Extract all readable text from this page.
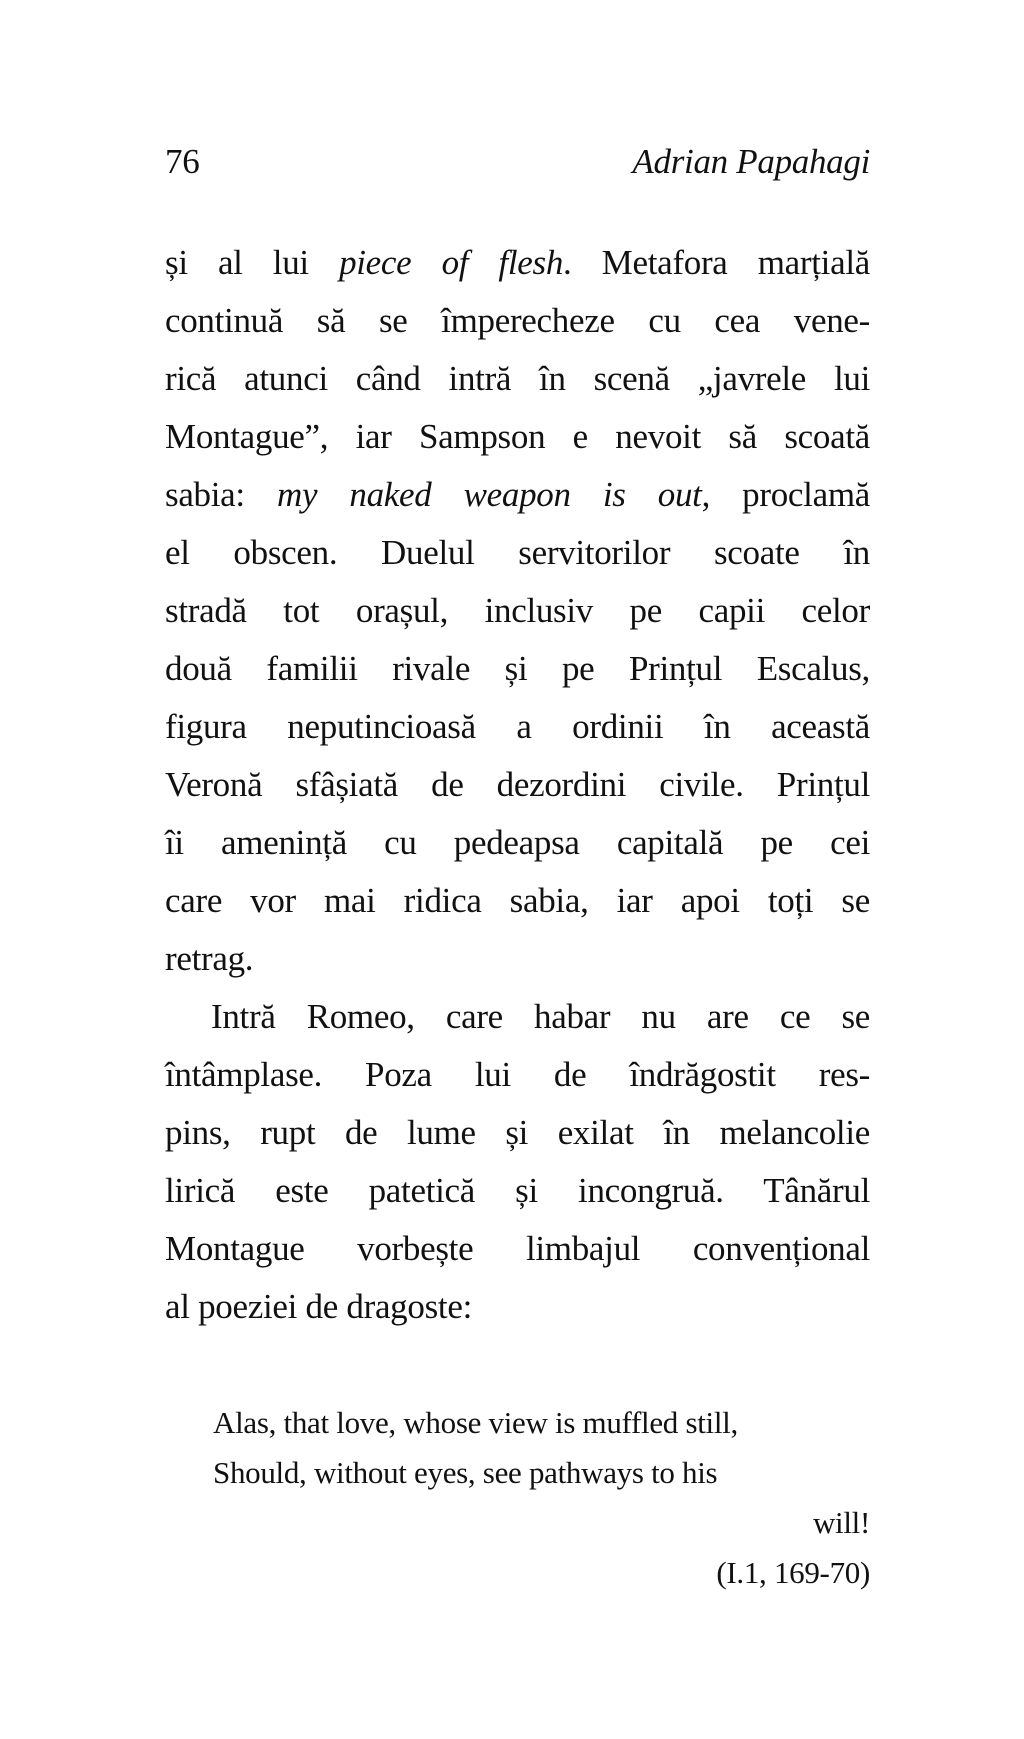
76	Adrian Papahagi
și al lui piece of flesh. Metafora marțială
continuă să se împerecheze cu cea vene-
rică atunci când intră în scenă „javrele lui
Montague”, iar Sampson e nevoit să scoată
sabia: my naked weapon is out, proclamă
el obscen. Duelul servitorilor scoate în
stradă tot orașul, inclusiv pe capii celor
două familii rivale și pe Prințul Escalus,
figura neputincioasă a ordinii în această
Veronă sfâșiată de dezordini civile. Prințul
îi amenință cu pedeapsa capitală pe cei
care vor mai ridica sabia, iar apoi toți se
retrag.
Intră Romeo, care habar nu are ce se
întâmplase. Poza lui de îndrăgostit res-
pins, rupt de lume și exilat în melancolie
lirică este patetică și incongruă. Tânărul
Montague vorbește limbajul convențional
al poeziei de dragoste:
Alas, that love, whose view is muffled still,
Should, without eyes, see pathways to his
will!
(I.1, 169-70)
